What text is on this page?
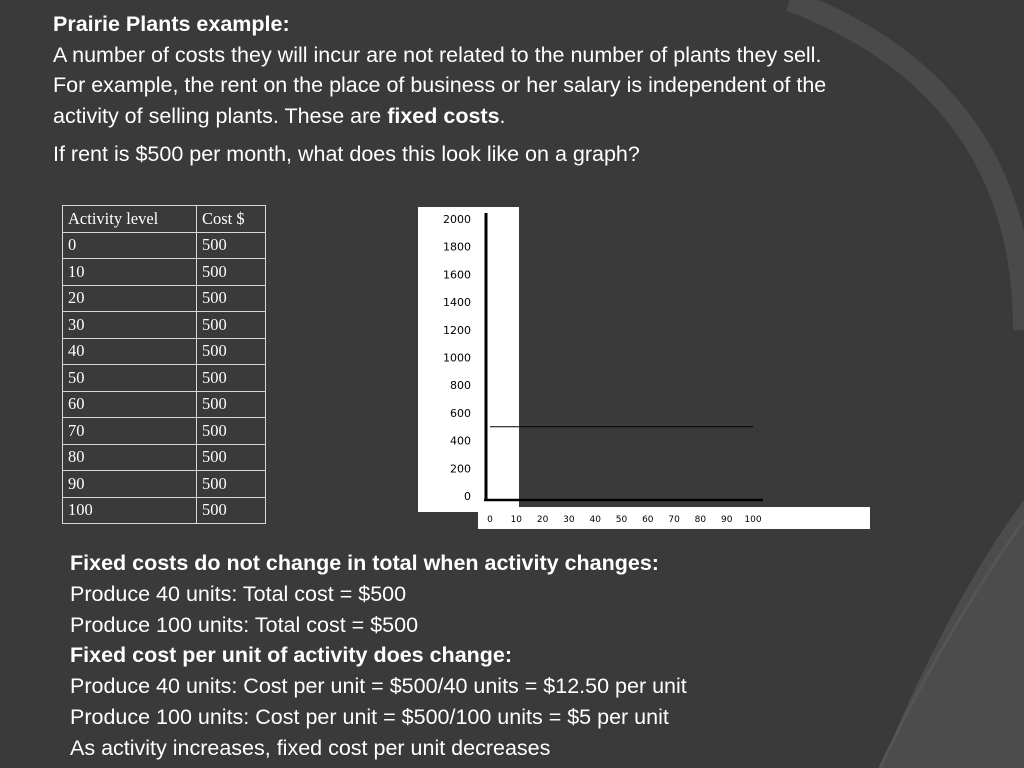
Prairie Plants example:
A number of costs they will incur are not related to the number of plants they sell.
For example, the rent on the place of business or her salary is independent of the
activity of selling plants. These are fixed costs.

If rent is $500 per month, what does this look like on a graph?

Activity level	Cost $
0	500
10	500
20	500
30	500
40	500
50	500
60	500
70	500
80	500
90	500
100	500
0
200
400
600
800
1000
1200
1400
1600
1800
2000
0 10 20 30 40 50 60 70 80 90 100
Fixed costs do not change in total when activity changes:
Produce 40 units: Total cost = $500
Produce 100 units: Total cost = $500
Fixed cost per unit of activity does change:
Produce 40 units: Cost per unit = $500/40 units = $12.50 per unit
Produce 100 units: Cost per unit = $500/100 units = $5 per unit
As activity increases, fixed cost per unit decreases
